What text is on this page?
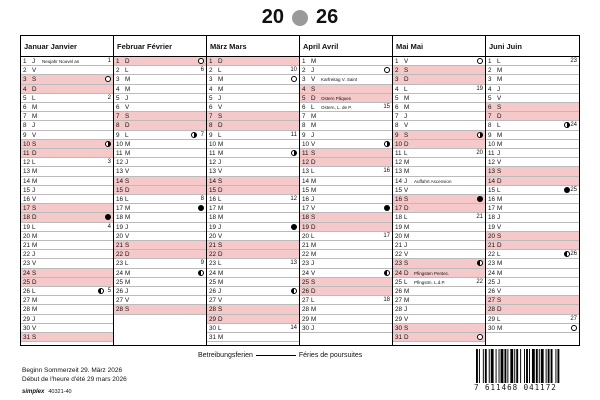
20 26
Januar Janvier
1 J	Neujahr Nouvel an	1
2 V
3 S
4 D
5 L	2
6 M
7 M
8 J
9 V
10 S
11 D
12 L	3
13 M
14 M
15 J
16 V
17 S
18 D
19 L	4
20 M
21 M
22 J
23 V
24 S
25 D
26 L	5
27 M
28 M
29 J
30 V
31 S
Februar Février
1 D
2 L	6
3 M
4 M
5 J
6 V
7 S
8 D
9 L	7
10 M
11 M
12 J
13 V
14 S
15 D
16 L	8
17 M
18 M
19 J
20 V
21 S
22 D
23 L	9
24 M
25 M
26 J
27 V
28 S
März Mars
1 D
2 L	10
3 M
4 M
5 J
6 V
7 S
8 D
9 L	11
10 M
11 M
12 J
13 V
14 S
15 D
16 L	12
17 M
18 M
19 J
20 V
21 S
22 D
23 L	13
24 M
25 M
26 J
27 V
28 S
29 D
30 L	14
31 M
April Avril
1 M
2 J
3 V	Karfreitag V. Saint
4 S
5 D	Ostern Pâques
6 L	Ostern, L. de P.	15
7 M
8 M
9 J
10 V
11 S
12 D
13 L	16
14 M
15 M
16 J
17 V
18 S
19 D
20 L	17
21 M
22 M
23 J
24 V
25 S
26 D
27 L	18
28 M
29 M
30 J
Mai Mai
1 V
2 S
3 D
4 L	19
5 M
6 M
7 J
8 V
9 S
10 D
11 L	20
12 M
13 M
14 J	Auffahrt Ascension
15 V
16 S
17 D
18 L	21
19 M
20 M
21 J
22 V
23 S
24 D	Pfingsten Pentec.
25 L	Pfingstm. L.d.P.	22
26 M
27 M
28 J
29 V
30 S
31 D
Juni Juin
1 L	23
2 M
3 M
4 J
5 V
6 S
7 D
8 L	24
9 M
10 M
11 J
12 V
13 S
14 D
15 L	25
16 M
17 M
18 J
19 V
20 S
21 D
22 L	26
23 M
24 M
25 J
26 V
27 S
28 D
29 L	27
30 M
Betreibungsferien	Féries de poursuites
Beginn Sommerzeit 29. März 2026
Début de l'heure d'été 29 mars 2026
simplex 40321-40	7 611468 041172
